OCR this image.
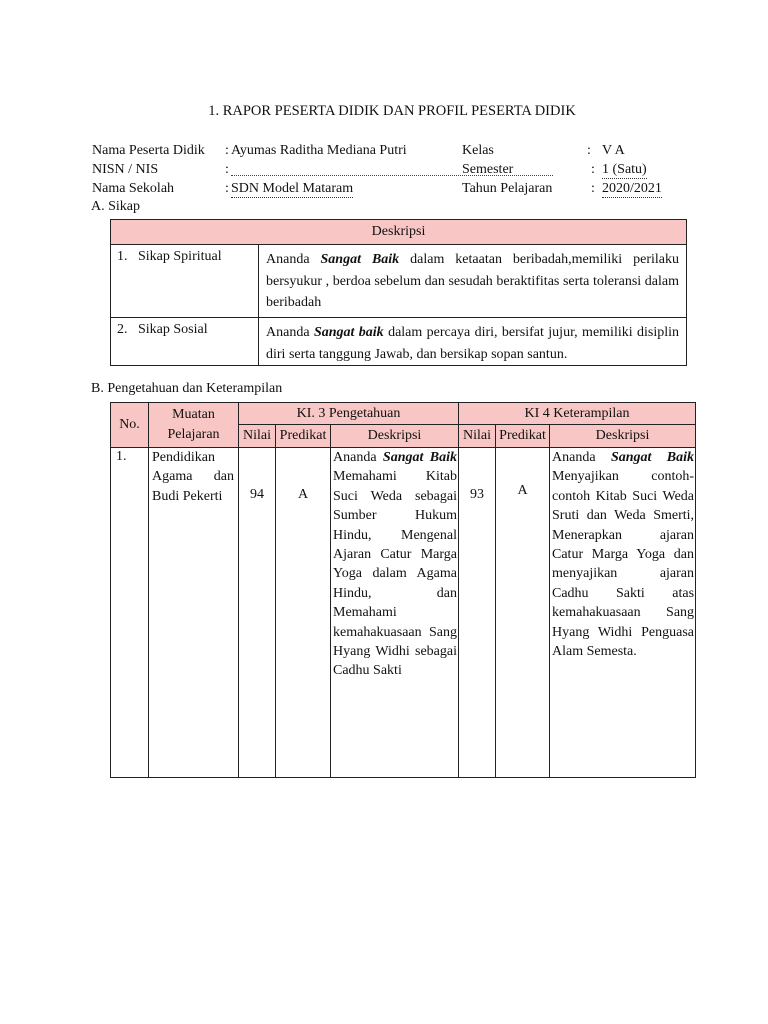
1. RAPOR PESERTA DIDIK DAN PROFIL PESERTA DIDIK
Nama Peserta Didik : Ayumas Raditha Mediana Putri	Kelas	: V A
NISN / NIS	:	Semester	: 1 (Satu)
Nama Sekolah	: SDN Model Mataram	Tahun Pelajaran	: 2020/2021
A. Sikap
Deskripsi	
1. Sikap Spiritual	Ananda Sangat Baik dalam ketaatan beribadah,memiliki perilaku bersyukur , berdoa sebelum dan sesudah beraktifitas serta toleransi dalam beribadah
2. Sikap Sosial	Ananda Sangat baik dalam percaya diri, bersifat jujur, memiliki disiplin diri serta tanggung Jawab, dan bersikap sopan santun.
B. Pengetahuan dan Keterampilan
No.	Muatan Pelajaran	KI. 3 Pengetahuan			KI 4 Keterampilan		
		Nilai	Predikat	Deskripsi	Nilai	Predikat	Deskripsi
1.	Pendidikan Agama dan Budi Pekerti	94	A	Ananda Sangat Baik Memahami Kitab Suci Weda sebagai Sumber Hukum Hindu, Mengenal Ajaran Catur Marga Yoga dalam Agama Hindu, dan Memahami kemahakuasaan Sang Hyang Widhi sebagai Cadhu Sakti	93	A	Ananda Sangat Baik Menyajikan contoh-contoh Kitab Suci Weda Sruti dan Weda Smerti, Menerapkan ajaran Catur Marga Yoga dan menyajikan ajaran Cadhu Sakti atas kemahakuasaan Sang Hyang Widhi Penguasa Alam Semesta.
